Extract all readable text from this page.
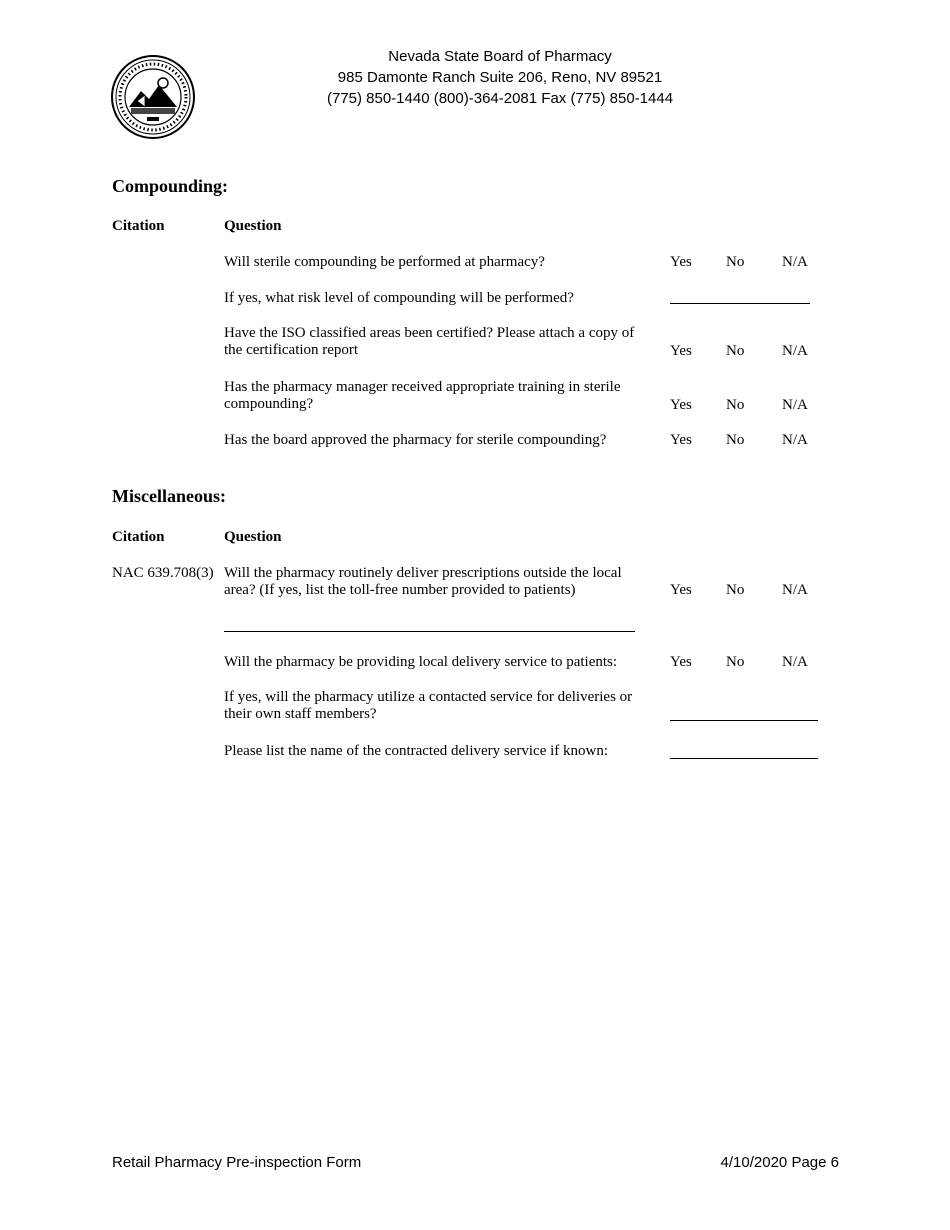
Nevada State Board of Pharmacy
985 Damonte Ranch Suite 206, Reno, NV 89521
(775) 850-1440 (800)-364-2081 Fax (775) 850-1444
Compounding:
Citation	Question
Will sterile compounding be performed at pharmacy?	Yes No	N/A
If yes, what risk level of compounding will be performed?
Have the ISO classified areas been certified? Please attach a copy of the certification report	Yes No	N/A
Has the pharmacy manager received appropriate training in sterile compounding?	Yes No	N/A
Has the board approved the pharmacy for sterile compounding?	Yes No	N/A
Miscellaneous:
Citation	Question
NAC 639.708(3) Will the pharmacy routinely deliver prescriptions outside the local area? (If yes, list the toll-free number provided to patients)	Yes No	N/A
Will the pharmacy be providing local delivery service to patients:	Yes No	N/A
If yes, will the pharmacy utilize a contacted service for deliveries or their own staff members?
Please list the name of the contracted delivery service if known:
Retail Pharmacy Pre-inspection Form	4/10/2020 Page 6
